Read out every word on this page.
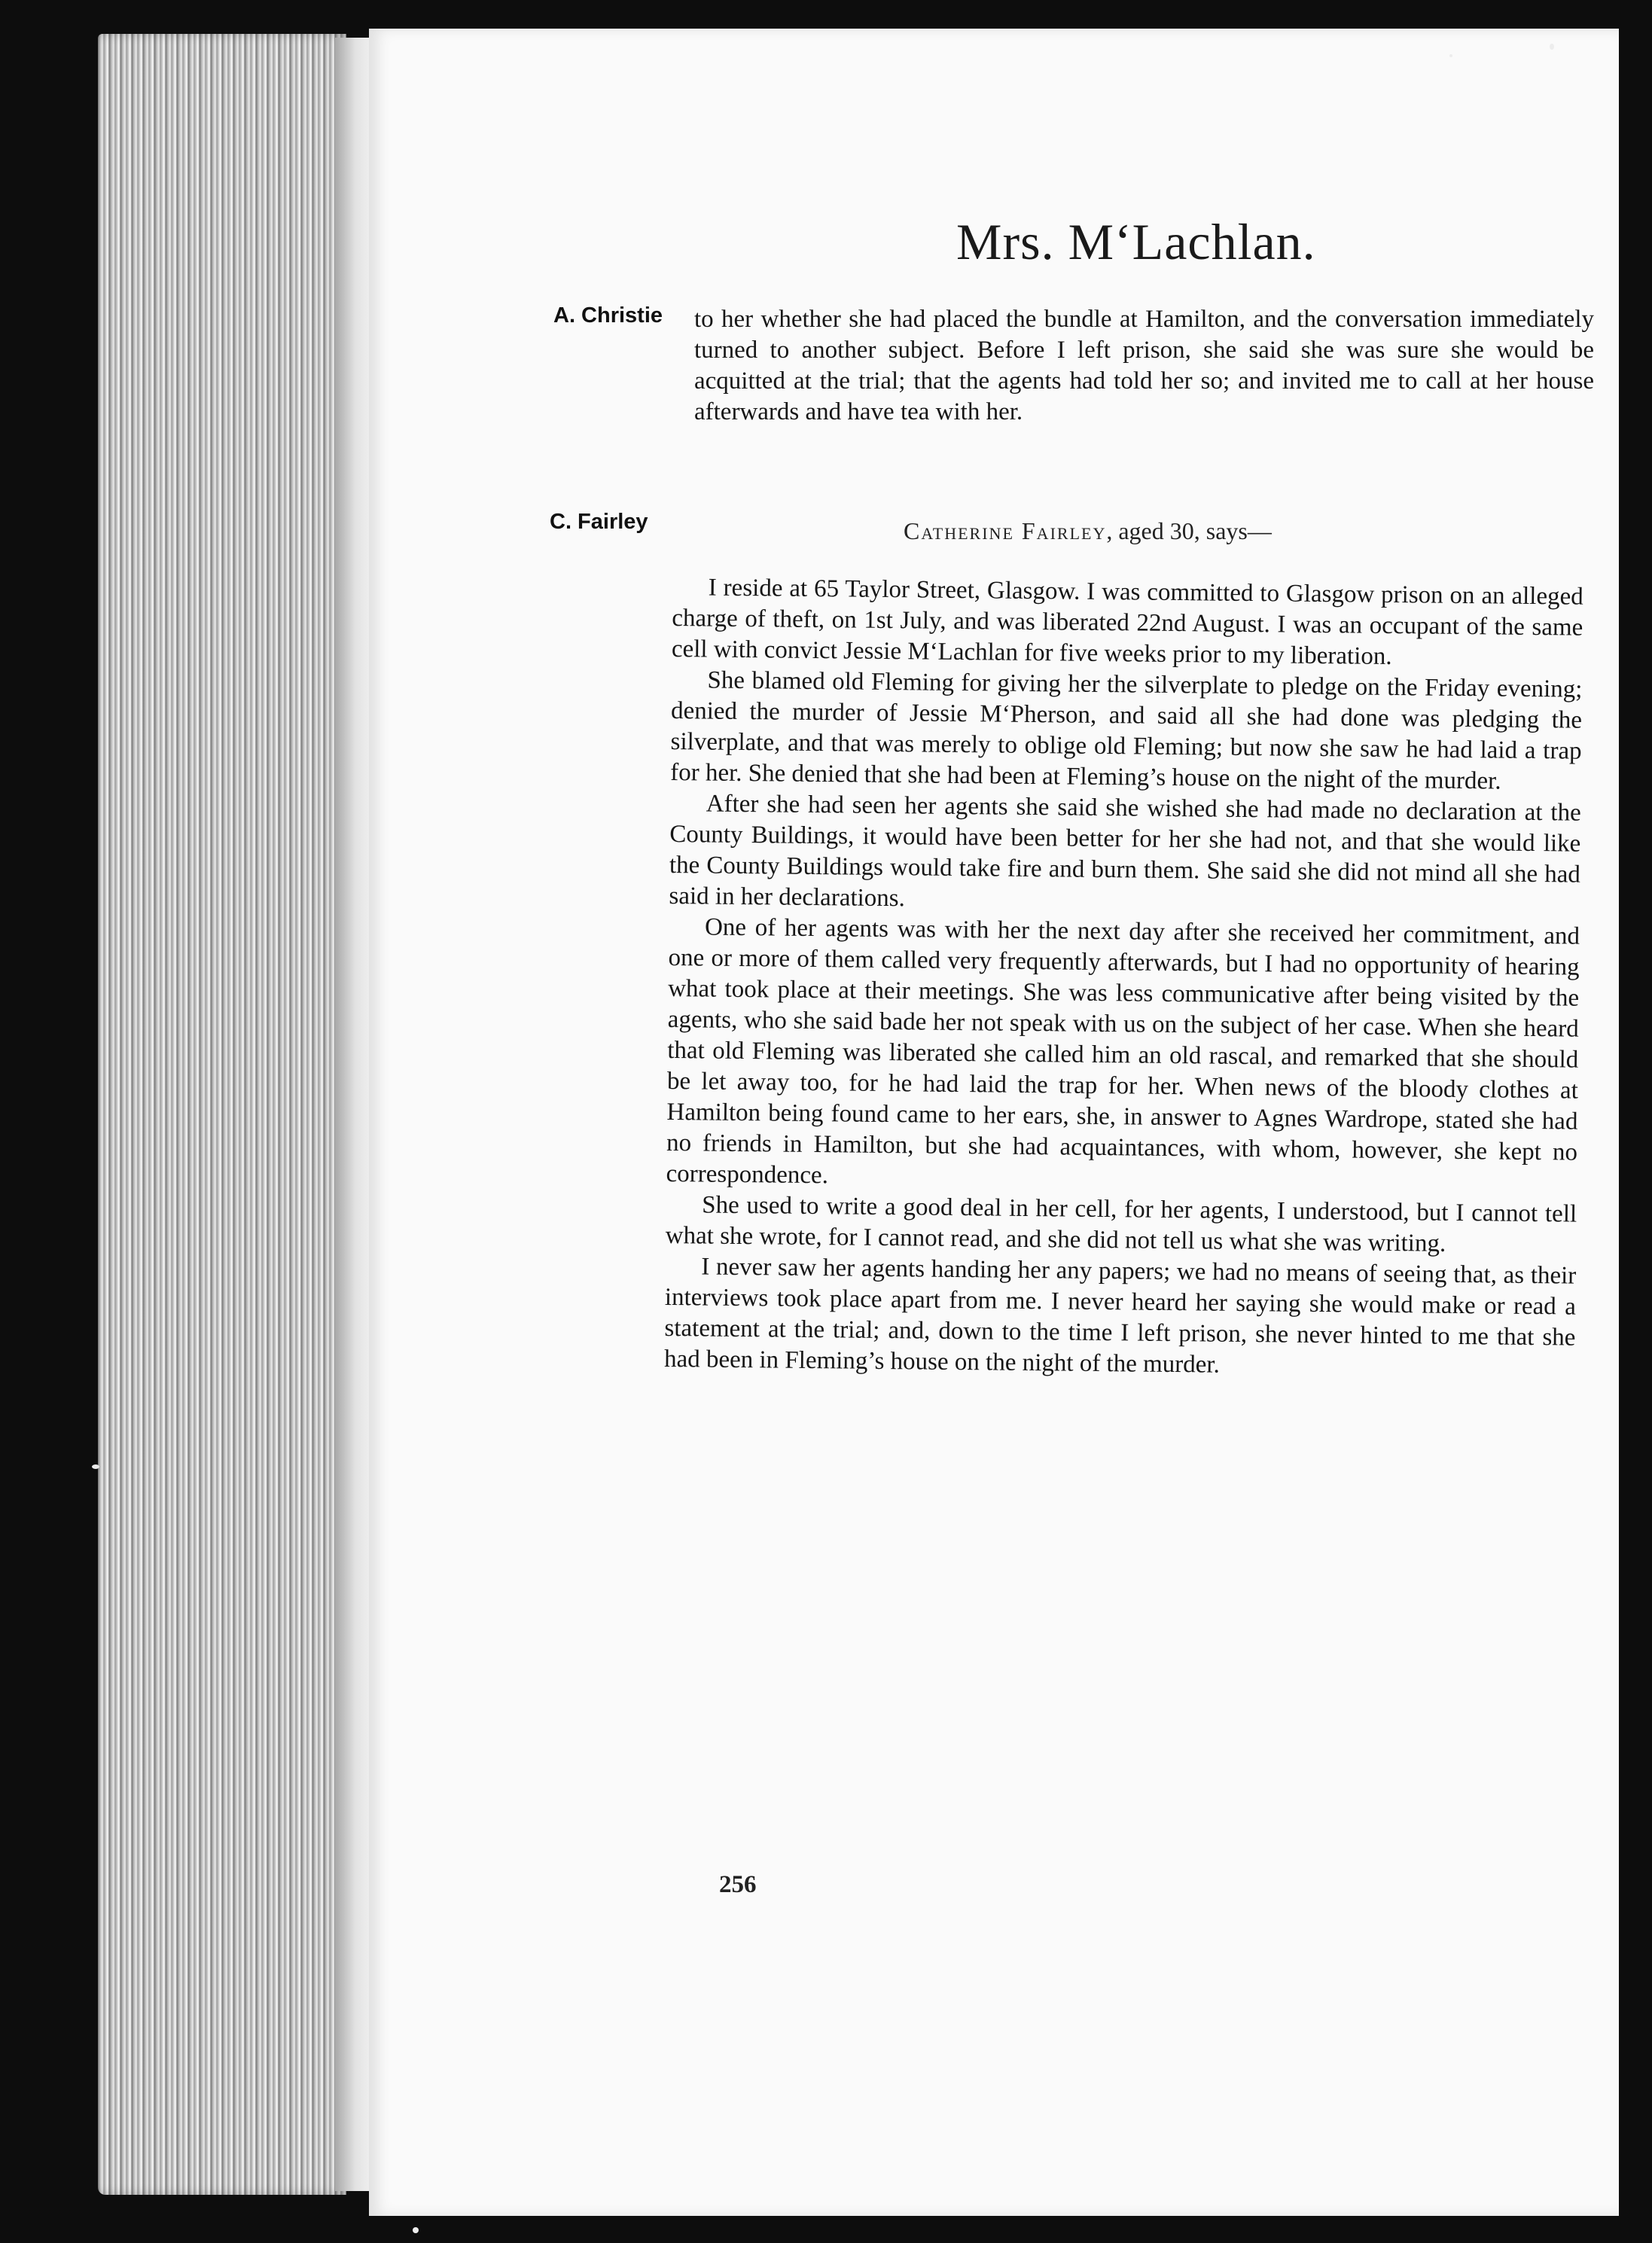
Mrs. M‘Lachlan.
A. Christie to her whether she had placed the bundle at Hamilton, and the conversation immediately turned to another subject. Before I left prison, she said she was sure she would be acquitted at the trial; that the agents had told her so; and invited me to call at her house afterwards and have tea with her.

C. Fairley	Catherine Fairley, aged 30, says—

I reside at 65 Taylor Street, Glasgow. I was committed to Glasgow prison on an alleged charge of theft, on 1st July, and was liberated 22nd August. I was an occupant of the same cell with convict Jessie M‘Lachlan for five weeks prior to my liberation.

She blamed old Fleming for giving her the silverplate to pledge on the Friday evening; denied the murder of Jessie M‘Pherson, and said all she had done was pledging the silverplate, and that was merely to oblige old Fleming; but now she saw he had laid a trap for her. She denied that she had been at Fleming’s house on the night of the murder.

After she had seen her agents she said she wished she had made no declaration at the County Buildings, it would have been better for her she had not, and that she would like the County Buildings would take fire and burn them. She said she did not mind all she had said in her declarations.

One of her agents was with her the next day after she received her commitment, and one or more of them called very frequently afterwards, but I had no opportunity of hearing what took place at their meetings. She was less communicative after being visited by the agents, who she said bade her not speak with us on the subject of her case. When she heard that old Fleming was liberated she called him an old rascal, and remarked that she should be let away too, for he had laid the trap for her. When news of the bloody clothes at Hamilton being found came to her ears, she, in answer to Agnes Wardrope, stated she had no friends in Hamilton, but she had acquaintances, with whom, however, she kept no correspondence.

She used to write a good deal in her cell, for her agents, I understood, but I cannot tell what she wrote, for I cannot read, and she did not tell us what she was writing.

I never saw her agents handing her any papers; we had no means of seeing that, as their interviews took place apart from me. I never heard her saying she would make or read a statement at the trial; and, down to the time I left prison, she never hinted to me that she had been in Fleming’s house on the night of the murder.

256
